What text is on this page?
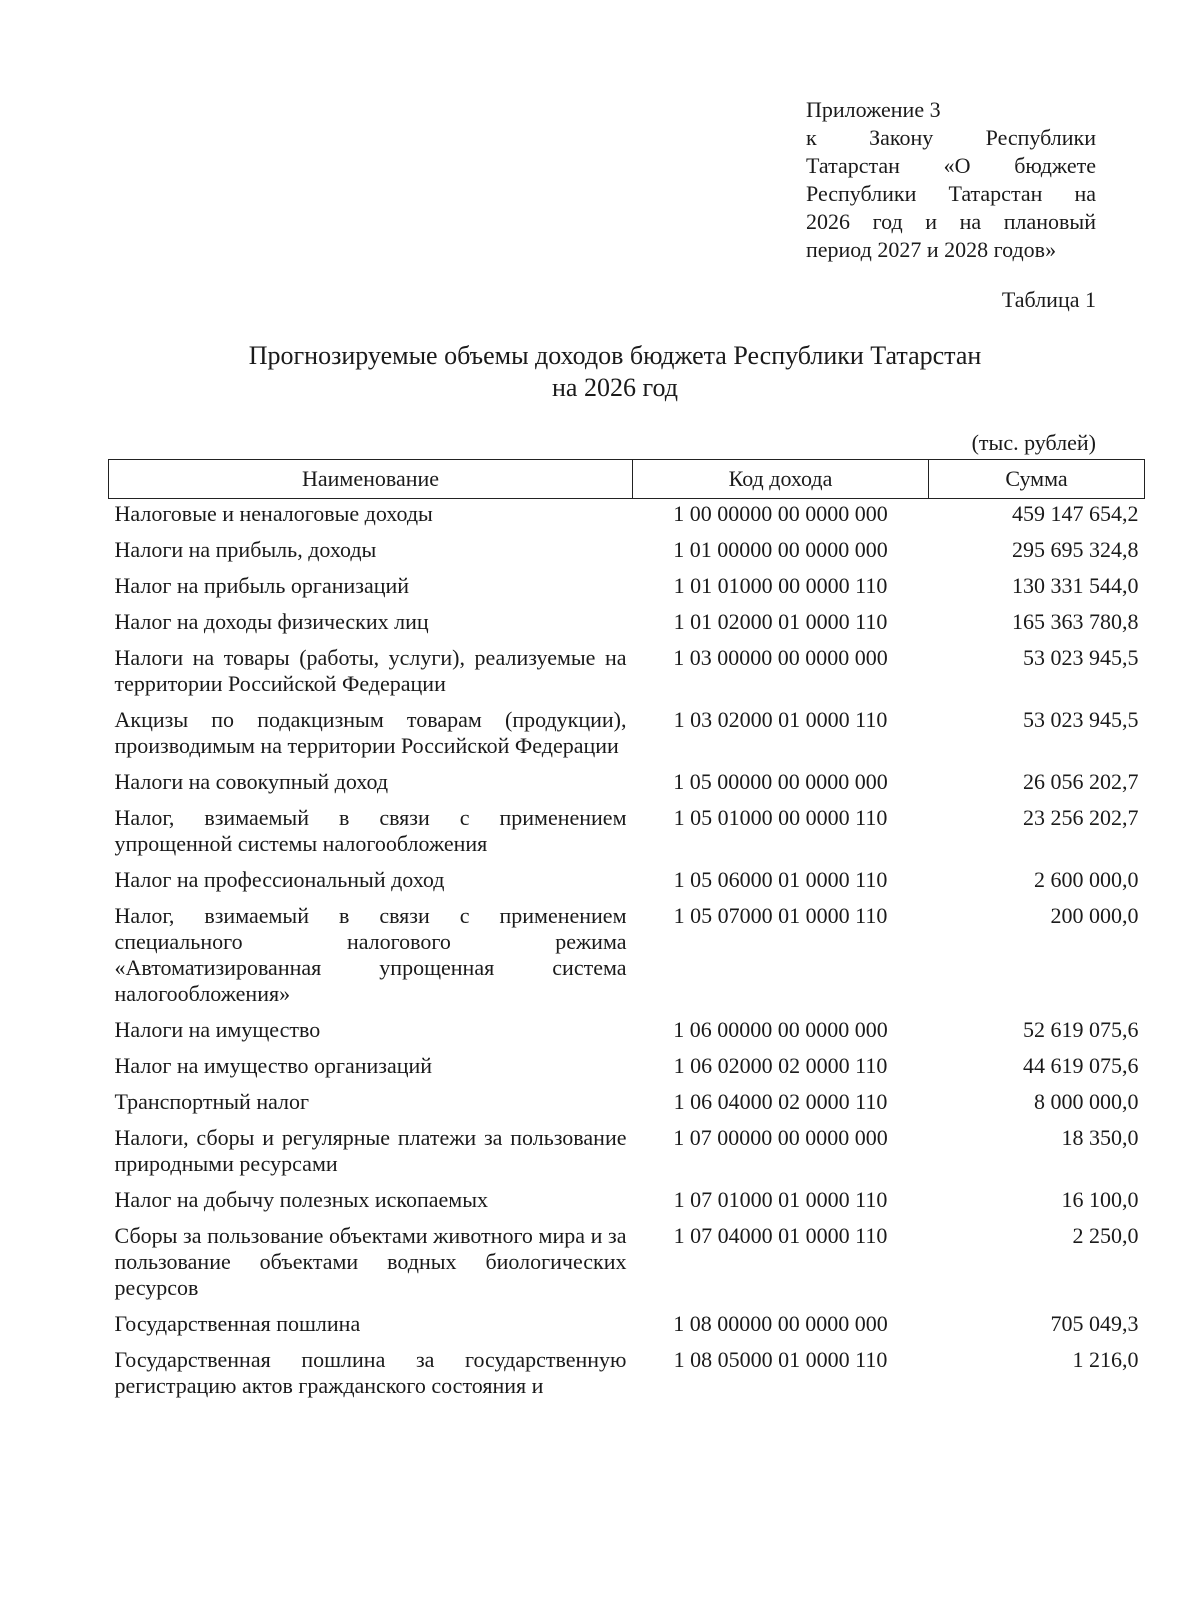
Приложение 3
к Закону Республики
Татарстан «О бюджете
Республики Татарстан на
2026 год и на плановый
период 2027 и 2028 годов»
Таблица 1
Прогнозируемые объемы доходов бюджета Республики Татарстан
на 2026 год
(тыс. рублей)
Наименование	Код дохода	Сумма
Налоговые и неналоговые доходы	1 00 00000 00 0000 000	459 147 654,2
Налоги на прибыль, доходы	1 01 00000 00 0000 000	295 695 324,8
Налог на прибыль организаций	1 01 01000 00 0000 110	130 331 544,0
Налог на доходы физических лиц	1 01 02000 01 0000 110	165 363 780,8
Налоги на товары (работы, услуги), реализуемые на территории Российской Федерации	1 03 00000 00 0000 000	53 023 945,5
Акцизы по подакцизным товарам (продукции), производимым на территории Российской Федерации	1 03 02000 01 0000 110	53 023 945,5
Налоги на совокупный доход	1 05 00000 00 0000 000	26 056 202,7
Налог, взимаемый в связи с применением упрощенной системы налогообложения	1 05 01000 00 0000 110	23 256 202,7
Налог на профессиональный доход	1 05 06000 01 0000 110	2 600 000,0
Налог, взимаемый в связи с применением специального налогового режима «Автоматизированная упрощенная система налогообложения»	1 05 07000 01 0000 110	200 000,0
Налоги на имущество	1 06 00000 00 0000 000	52 619 075,6
Налог на имущество организаций	1 06 02000 02 0000 110	44 619 075,6
Транспортный налог	1 06 04000 02 0000 110	8 000 000,0
Налоги, сборы и регулярные платежи за пользование природными ресурсами	1 07 00000 00 0000 000	18 350,0
Налог на добычу полезных ископаемых	1 07 01000 01 0000 110	16 100,0
Сборы за пользование объектами животного мира и за пользование объектами водных биологических ресурсов	1 07 04000 01 0000 110	2 250,0
Государственная пошлина	1 08 00000 00 0000 000	705 049,3
Государственная пошлина за государственную регистрацию актов гражданского состояния и	1 08 05000 01 0000 110	1 216,0
